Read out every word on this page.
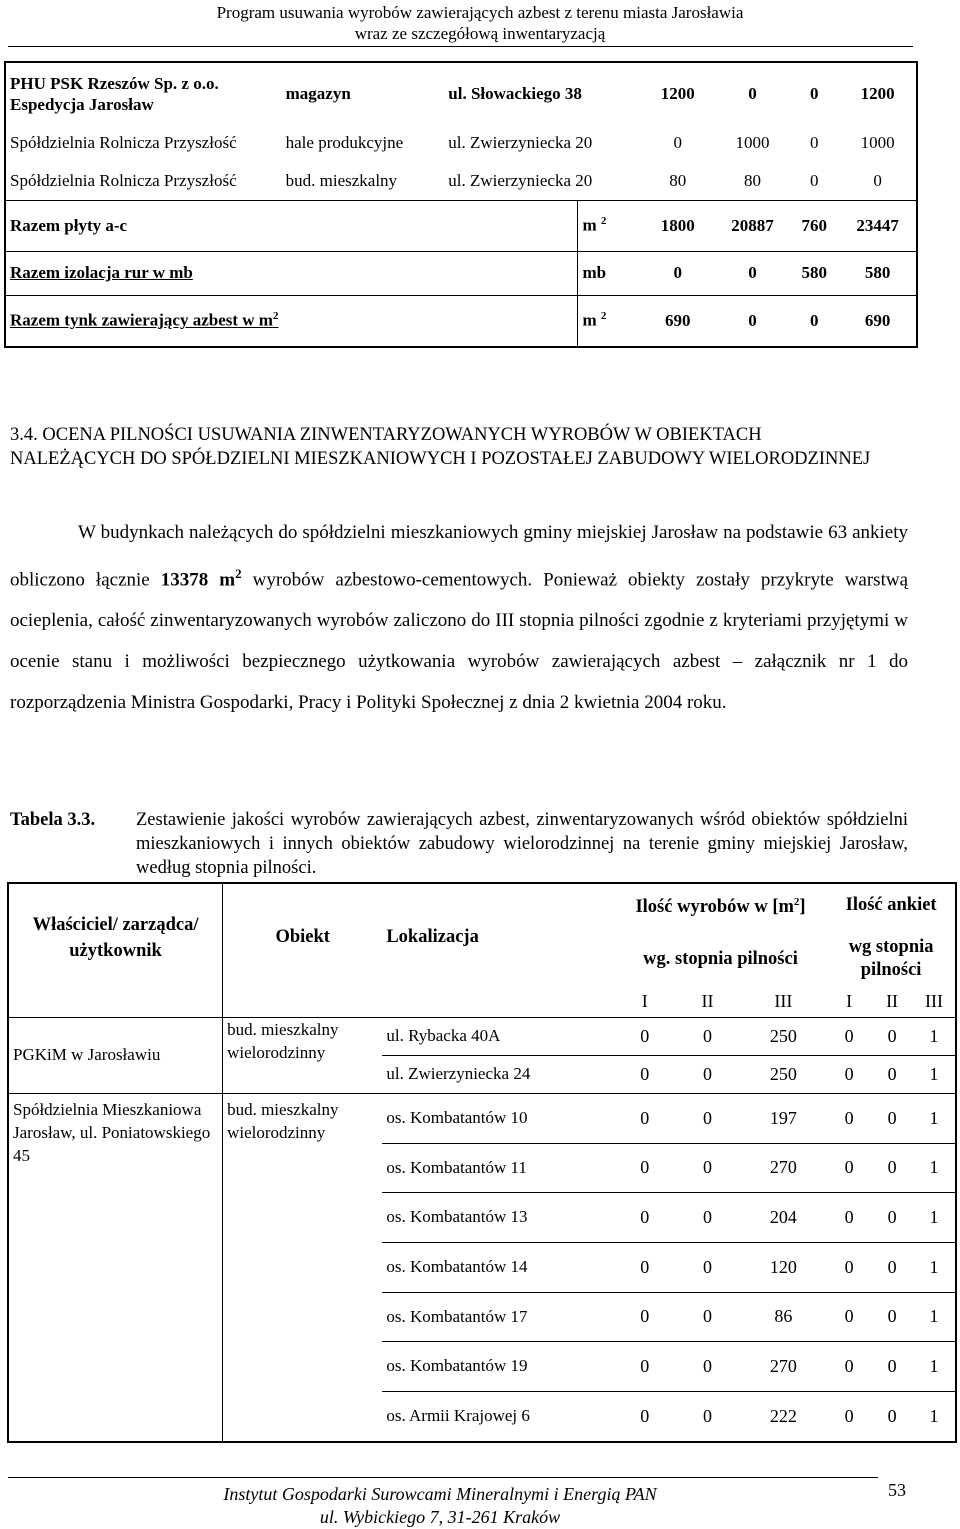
Program usuwania wyrobów zawierających azbest z terenu miasta Jarosławia
wraz ze szczegółową inwentaryzacją
PHU PSK Rzeszów Sp. z o.o.
Espedycja Jarosław	magazyn	ul. Słowackiego 38		1200	0	0	1200
Spółdzielnia Rolnicza Przyszłość	hale produkcyjne	ul. Zwierzyniecka 20		0	1000	0	1000
Spółdzielnia Rolnicza Przyszłość	bud. mieszkalny	ul. Zwierzyniecka 20		80	80	0	0
Razem płyty a-c			m $^2$	1800	20887	760	23447
Razem izolacja rur w mb			mb	0	0	580	580
Razem tynk zawierający azbest w $m^2$			m $^2$	690	0	0	690
3.4. OCENA PILNOŚCI USUWANIA ZINWENTARYZOWANYCH WYROBÓW W OBIEKTACH NALEŻĄCYCH DO SPÓŁDZIELNI MIESZKANIOWYCH I POZOSTAŁEJ ZABUDOWY WIELORODZINNEJ
W budynkach należących do spółdzielni mieszkaniowych gminy miejskiej Jarosław na podstawie 63 ankiety obliczono łącznie 13378 $m^2$ wyrobów azbestowo-cementowych. Ponieważ obiekty zostały przykryte warstwą ocieplenia, całość zinwentaryzowanych wyrobów zaliczono do III stopnia pilności zgodnie z kryteriami przyjętymi w ocenie stanu i możliwości bezpiecznego użytkowania wyrobów zawierających azbest – załącznik nr 1 do rozporządzenia Ministra Gospodarki, Pracy i Polityki Społecznej z dnia 2 kwietnia 2004 roku.
Tabela 3.3.	Zestawienie jakości wyrobów zawierających azbest, zinwentaryzowanych wśród obiektów spółdzielni mieszkaniowych i innych obiektów zabudowy wielorodzinnej na terenie gminy miejskiej Jarosław, według stopnia pilności.
Właściciel/ zarządca/ użytkownik	Obiekt	Lokalizacja	Ilość wyrobów w $[m^2]$			Ilość ankiet		
			wg. stopnia pilności			wg stopnia pilności		
			I	II	III	I	II	III
PGKiM w Jarosławiu	bud. mieszkalny wielorodzinny	ul. Rybacka 40A	0	0	250	0	0	1
		ul. Zwierzyniecka 24	0	0	250	0	0	1
Spółdzielnia Mieszkaniowa Jarosław, ul. Poniatowskiego 45	bud. mieszkalny wielorodzinny	os. Kombatantów 10	0	0	197	0	0	1
		os. Kombatantów 11	0	0	270	0	0	1
		os. Kombatantów 13	0	0	204	0	0	1
		os. Kombatantów 14	0	0	120	0	0	1
		os. Kombatantów 17	0	0	86	0	0	1
		os. Kombatantów 19	0	0	270	0	0	1
		os. Armii Krajowej 6	0	0	222	0	0	1
Instytut Gospodarki Surowcami Mineralnymi i Energią PAN
ul. Wybickiego 7, 31-261 Kraków
53
